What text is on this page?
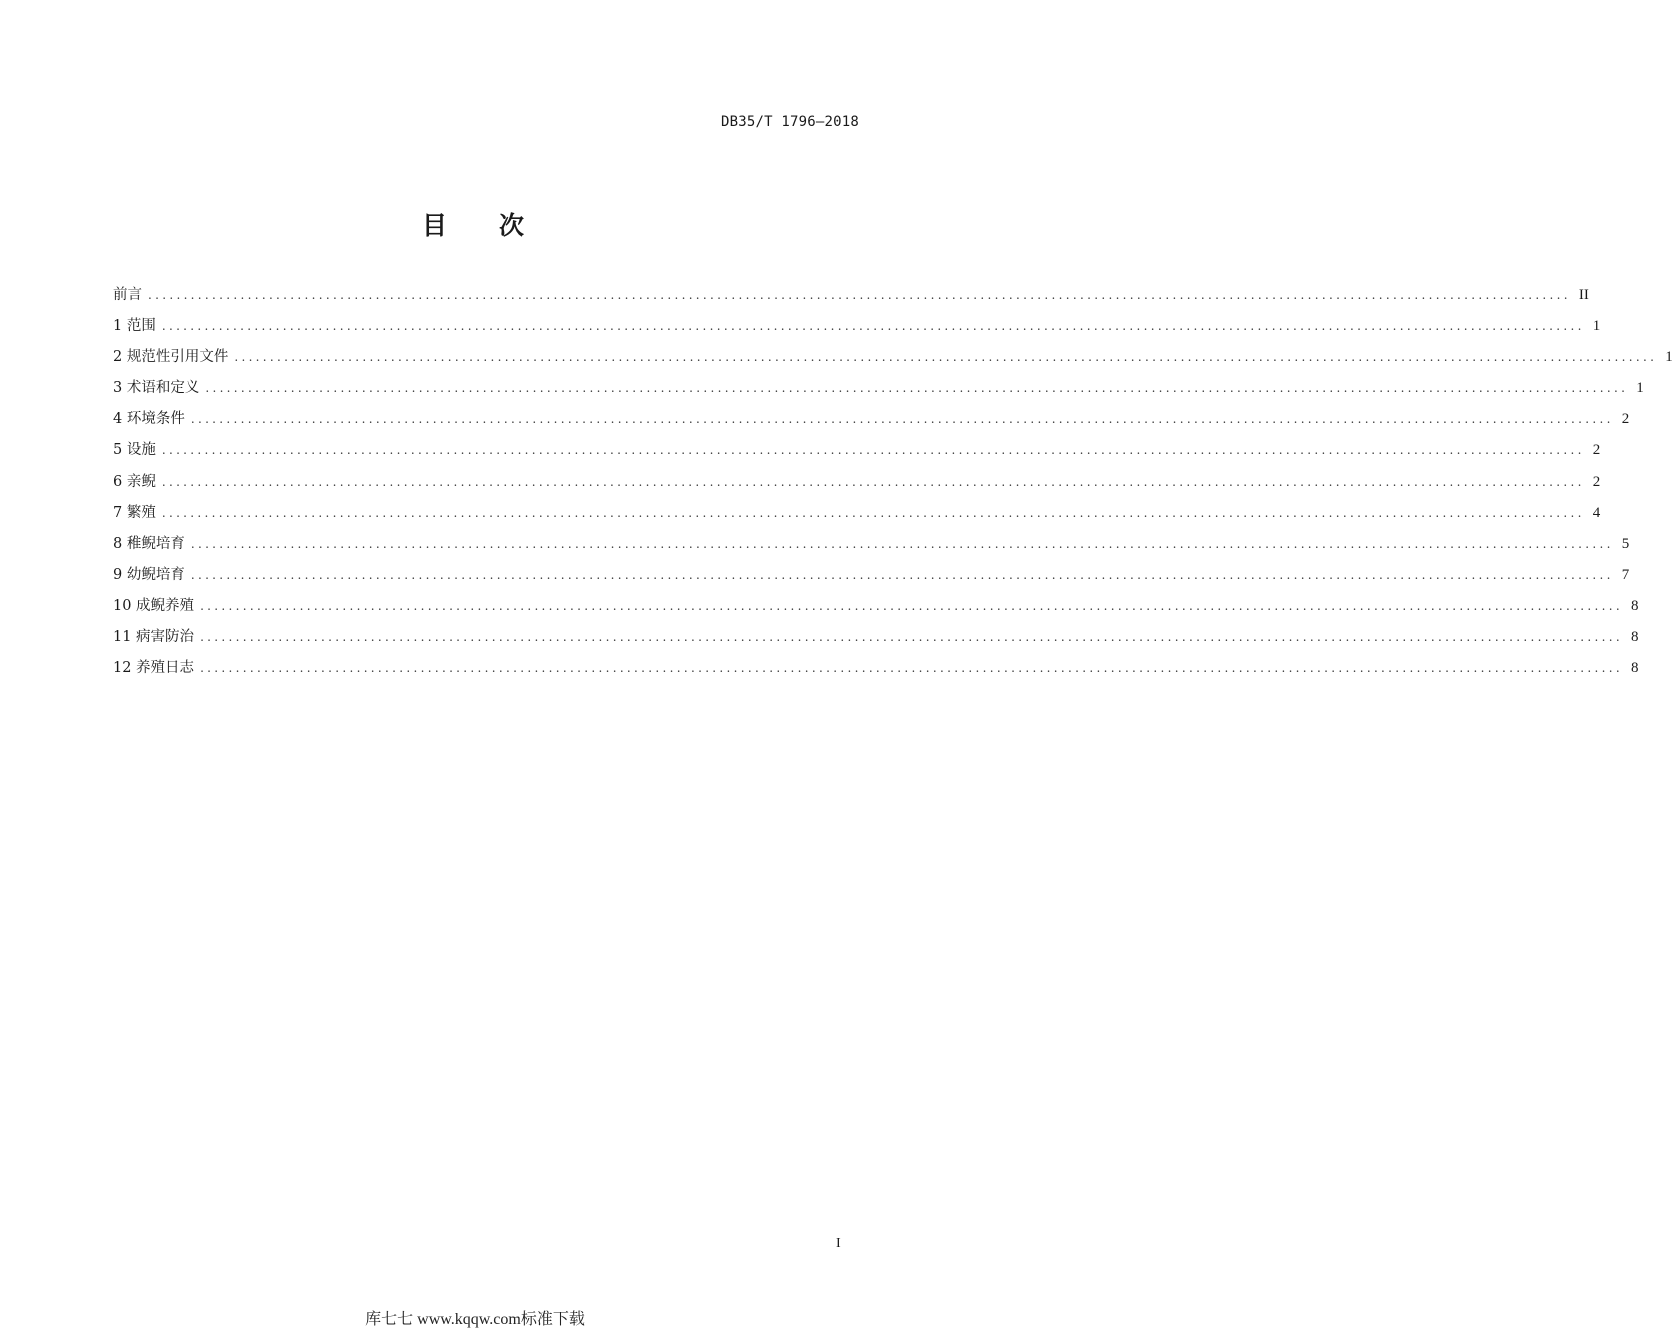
DB35/T 1796—2018
目次
前言 ........................................................................................................................................................................................................ II
1 范围 ........................................................................................................................................................................................................ 1
2 规范性引用文件 ........................................................................................................................................................................................................ 1
3 术语和定义 ........................................................................................................................................................................................................ 1
4 环境条件 ........................................................................................................................................................................................................ 2
5 设施 ........................................................................................................................................................................................................ 2
6 亲鲵 ........................................................................................................................................................................................................ 2
7 繁殖 ........................................................................................................................................................................................................ 4
8 稚鲵培育 ........................................................................................................................................................................................................ 5
9 幼鲵培育 ........................................................................................................................................................................................................ 7
10 成鲵养殖 ........................................................................................................................................................................................................ 8
11 病害防治 ........................................................................................................................................................................................................ 8
12 养殖日志 ........................................................................................................................................................................................................ 8
I
库七七 www.kqqw.com标准下载
